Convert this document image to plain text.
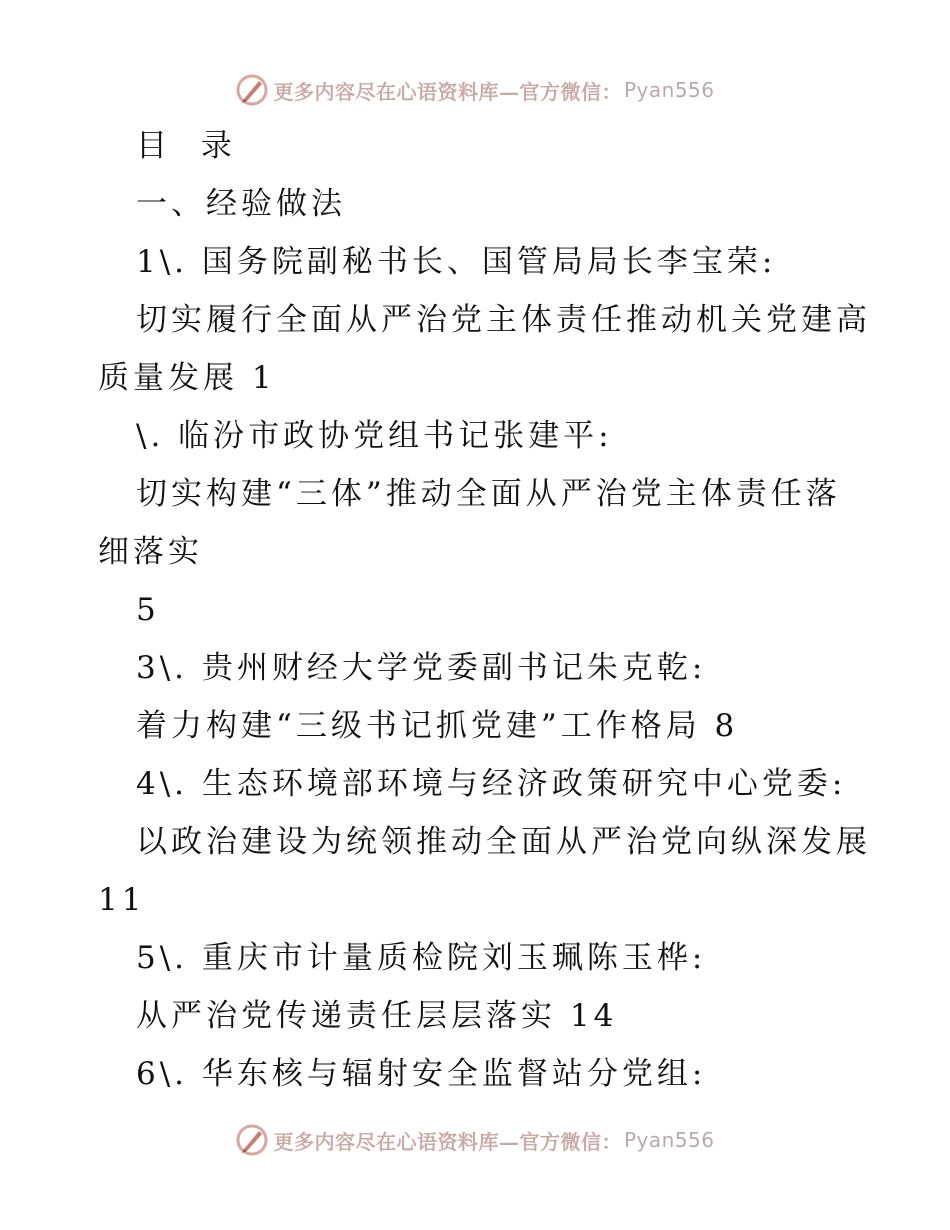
更多内容尽在心语资料库—官方微信： Pyan556
目 录
一、经验做法
1\. 国务院副秘书长、国管局局长李宝荣:
切实履行全面从严治党主体责任推动机关党建高
质量发展 1
\. 临汾市政协党组书记张建平:
切实构建“三体”推动全面从严治党主体责任落
细落实
5
3\. 贵州财经大学党委副书记朱克乾:
着力构建“三级书记抓党建”工作格局 8
4\. 生态环境部环境与经济政策研究中心党委:
以政治建设为统领推动全面从严治党向纵深发展
11
5\. 重庆市计量质检院刘玉珮陈玉桦:
从严治党传递责任层层落实 14
6\. 华东核与辐射安全监督站分党组:
更多内容尽在心语资料库—官方微信： Pyan556
